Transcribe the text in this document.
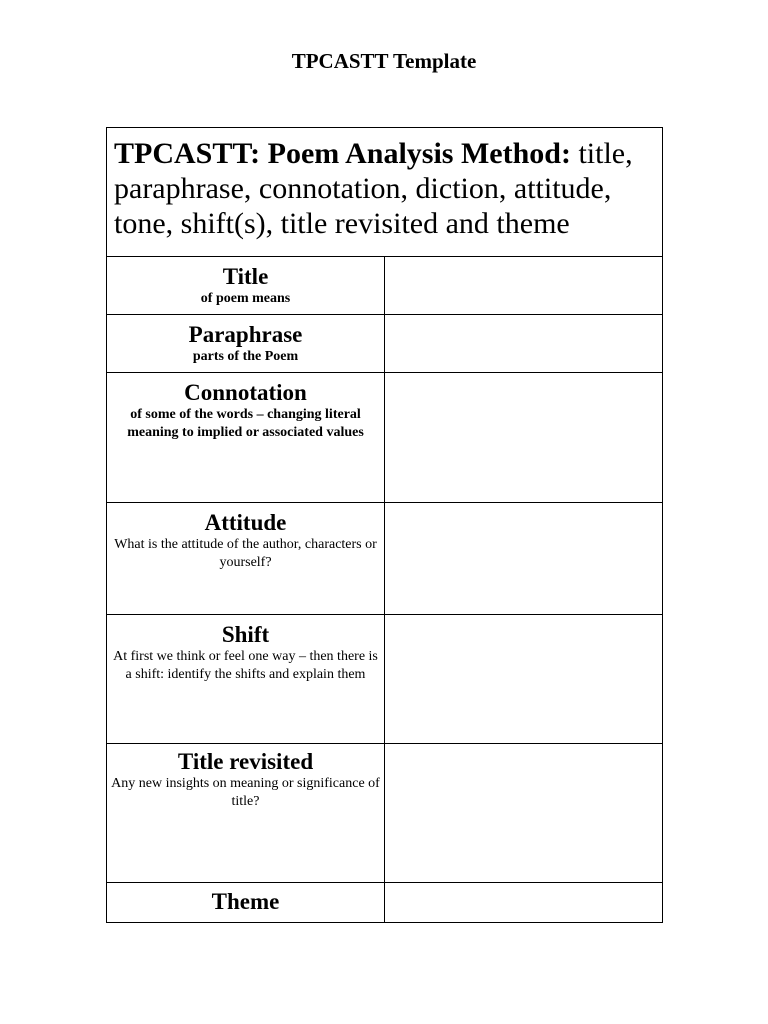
TPCASTT Template
TPCASTT: Poem Analysis Method: title, paraphrase, connotation, diction, attitude, tone, shift(s), title revisited and theme	

Title
of poem means	

Paraphrase
parts of the Poem	

Connotation
of some of the words – changing literal meaning to implied or associated values	

Attitude
What is the attitude of the author, characters or yourself?	

Shift
At first we think or feel one way – then there is a shift: identify the shifts and explain them	

Title revisited
Any new insights on meaning or significance of title?	

Theme	
